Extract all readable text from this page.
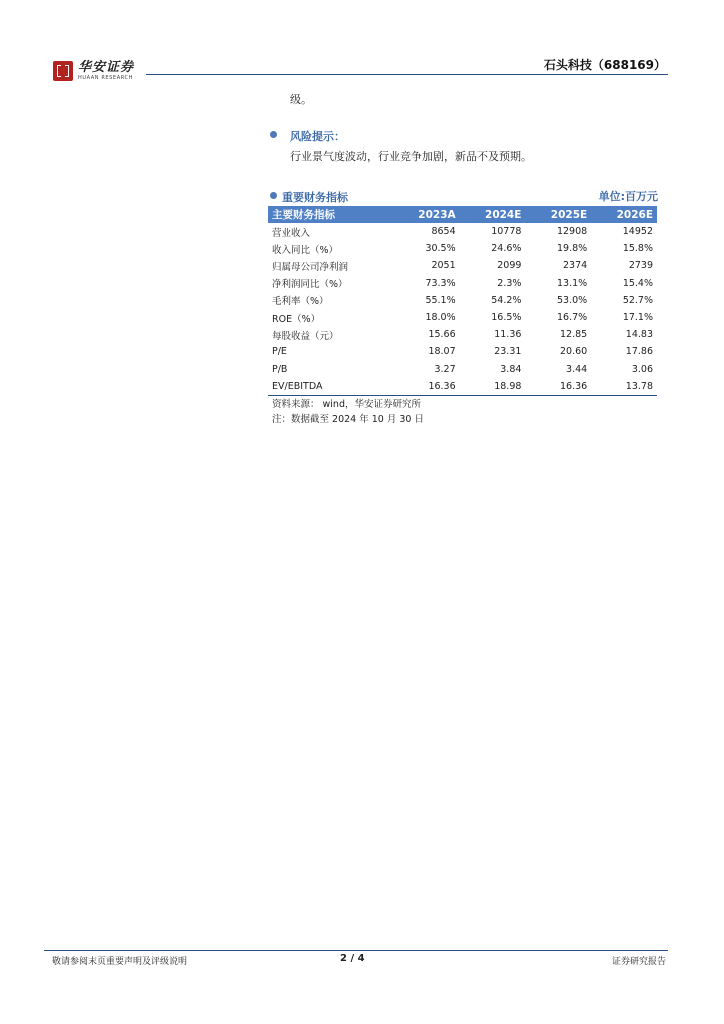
华安证券
HUAAN RESEARCH
石头科技（688169）
级。
风险提示：
行业景气度波动，行业竞争加剧，新品不及预期。
重要财务指标	单位:百万元
主要财务指标	2023A	2024E	2025E	2026E
营业收入	8654	10778	12908	14952
收入同比（%）	30.5%	24.6%	19.8%	15.8%
归属母公司净利润	2051	2099	2374	2739
净利润同比（%）	73.3%	2.3%	13.1%	15.4%
毛利率（%）	55.1%	54.2%	53.0%	52.7%
ROE（%）	18.0%	16.5%	16.7%	17.1%
每股收益（元）	15.66	11.36	12.85	14.83
P/E	18.07	23.31	20.60	17.86
P/B	3.27	3.84	3.44	3.06
EV/EBITDA	16.36	18.98	16.36	13.78
资料来源： wind，华安证券研究所
注：数据截至 2024 年 10 月 30 日
敬请参阅末页重要声明及评级说明	2 / 4	证券研究报告
